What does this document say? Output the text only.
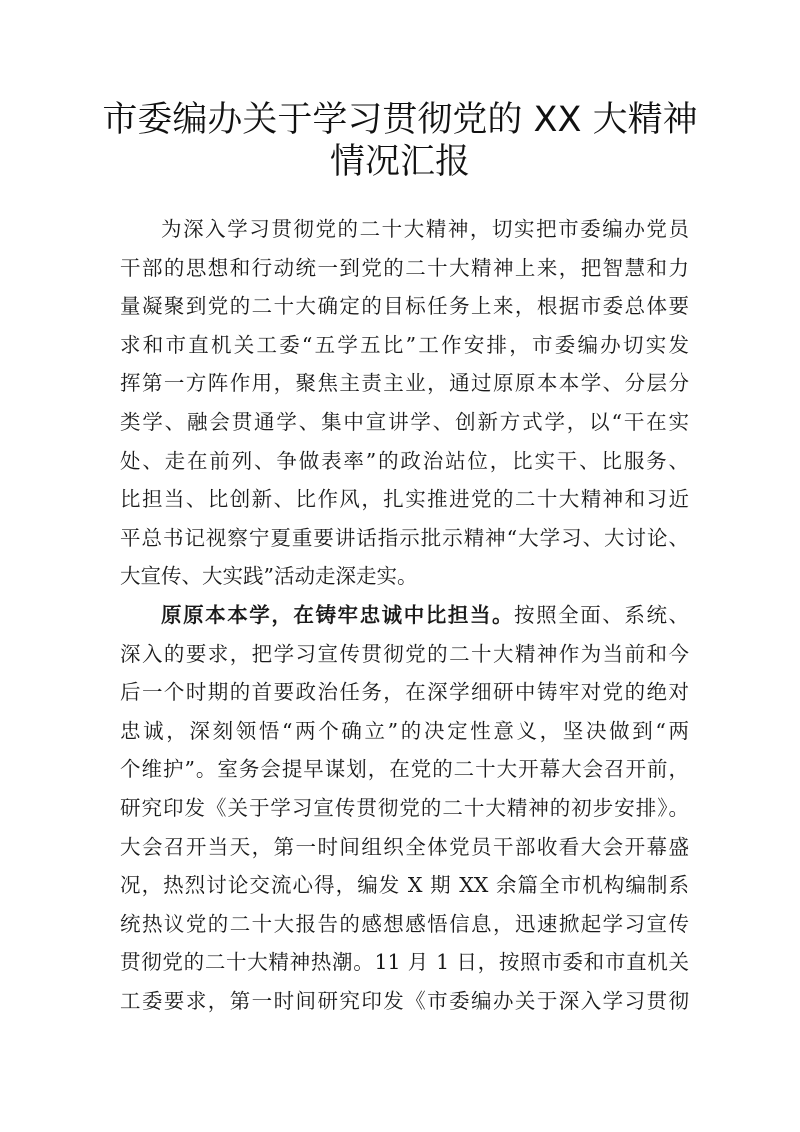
市委编办关于学习贯彻党的 XX 大精神
情况汇报
为深入学习贯彻党的二十大精神，切实把市委编办党员
干部的思想和行动统一到党的二十大精神上来，把智慧和力
量凝聚到党的二十大确定的目标任务上来，根据市委总体要
求和市直机关工委“五学五比”工作安排，市委编办切实发
挥第一方阵作用，聚焦主责主业，通过原原本本学、分层分
类学、融会贯通学、集中宣讲学、创新方式学，以“干在实
处、走在前列、争做表率”的政治站位，比实干、比服务、
比担当、比创新、比作风，扎实推进党的二十大精神和习近
平总书记视察宁夏重要讲话指示批示精神“大学习、大讨论、
大宣传、大实践”活动走深走实。
原原本本学，在铸牢忠诚中比担当。按照全面、系统、
深入的要求，把学习宣传贯彻党的二十大精神作为当前和今
后一个时期的首要政治任务，在深学细研中铸牢对党的绝对
忠诚，深刻领悟“两个确立”的决定性意义，坚决做到“两
个维护”。室务会提早谋划，在党的二十大开幕大会召开前，
研究印发《关于学习宣传贯彻党的二十大精神的初步安排》。
大会召开当天，第一时间组织全体党员干部收看大会开幕盛
况，热烈讨论交流心得，编发 X 期 XX 余篇全市机构编制系
统热议党的二十大报告的感想感悟信息，迅速掀起学习宣传
贯彻党的二十大精神热潮。11 月 1 日，按照市委和市直机关
工委要求，第一时间研究印发《市委编办关于深入学习贯彻
